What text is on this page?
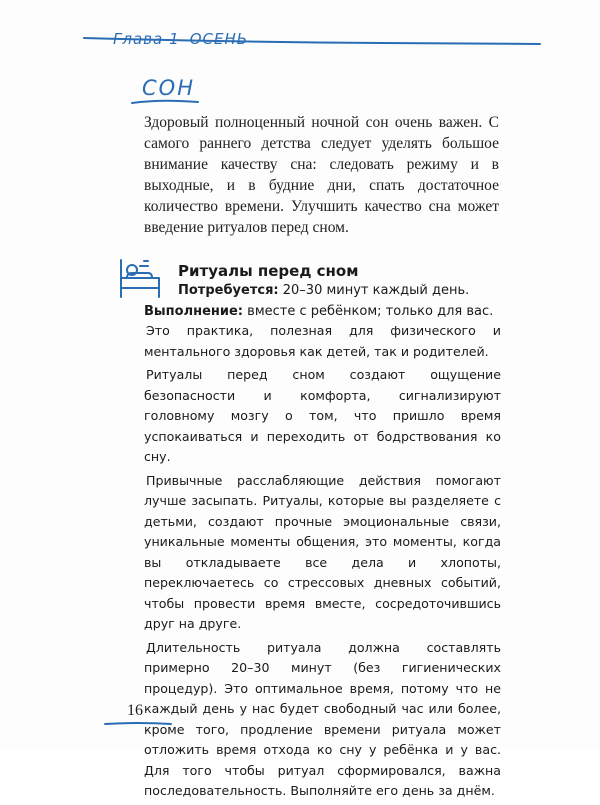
Глава 1 ОСЕНЬ
СОН
Здоровый полноценный ночной сон очень важен. С самого раннего детства следует уделять большое внимание качеству сна: следовать режиму и в выходные, и в будние дни, спать достаточное количество времени. Улучшить качество сна может введение ритуалов перед сном.
Ритуалы перед сном
Потребуется: 20–30 минут каждый день.
Выполнение: вместе с ребёнком; только для вас.

Это практика, полезная для физического и ментального здоровья как детей, так и родителей.

Ритуалы перед сном создают ощущение безопасности и комфорта, сигнализируют головному мозгу о том, что пришло время успокаиваться и переходить от бодрствования ко сну.

Привычные расслабляющие действия помогают лучше засыпать. Ритуалы, которые вы разделяете с детьми, создают прочные эмоциональные связи, уникальные моменты общения, это моменты, когда вы откладываете все дела и хлопоты, переключаетесь со стрессовых дневных событий, чтобы провести время вместе, сосредоточившись друг на друге.

Длительность ритуала должна составлять примерно 20–30 минут (без гигиенических процедур). Это оптимальное время, потому что не каждый день у нас будет свободный час или более, кроме того, продление времени ритуала может отложить время отхода ко сну у ребёнка и у вас. Для того чтобы ритуал сформировался, важна последовательность. Выполняйте его день за днём.

16
